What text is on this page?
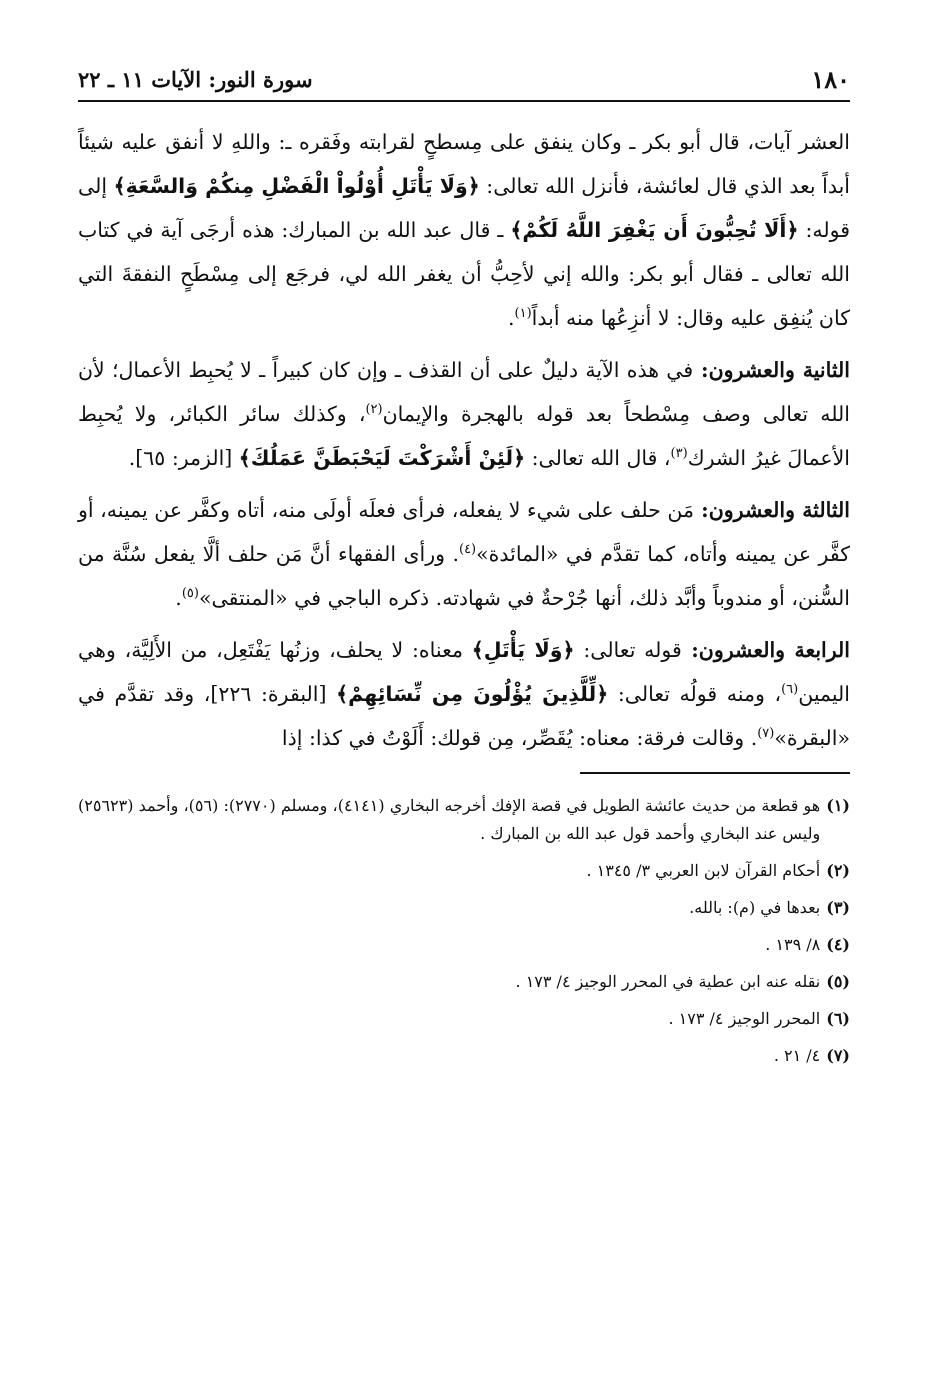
١٨٠
سورة النور: الآيات ١١ ـ ٢٢

العشر آيات، قال أبو بكر ـ وكان ينفق على مِسطحٍ لقرابته وفَقره ـ: واللهِ لا أنفق عليه شيئاً أبداً بعد الذي قال لعائشة، فأنزل الله تعالى: ﴿وَلَا يَأْتَلِ أُوْلُواْ الْفَضْلِ مِنكُمْ وَالسَّعَةِ﴾ إلى قوله: ﴿أَلَا تُحِبُّونَ أَن يَغْفِرَ اللَّهُ لَكُمْ﴾ ـ قال عبد الله بن المبارك: هذه أرجَى آية في كتاب الله تعالى ـ فقال أبو بكر: والله إني لأحِبُّ أن يغفر الله لي، فرجَع إلى مِسْطَحٍ النفقةَ التي كان يُنفِق عليه وقال: لا أنزِعُها منه أبداً$^{(١)}$.

الثانية والعشرون: في هذه الآية دليلٌ على أن القذف ـ وإن كان كبيراً ـ لا يُحبِط الأعمال؛ لأن الله تعالى وصف مِسْطحاً بعد قوله بالهجرة والإيمان$^{(٢)}$، وكذلك سائر الكبائر، ولا يُحبِط الأعمالَ غيرُ الشرك$^{(٣)}$، قال الله تعالى: ﴿لَئِنْ أَشْرَكْتَ لَيَحْبَطَنَّ عَمَلُكَ﴾ [الزمر: ٦٥].

الثالثة والعشرون: مَن حلف على شيء لا يفعله، فرأى فعلَه أولَى منه، أتاه وكفَّر عن يمينه، أو كفَّر عن يمينه وأتاه، كما تقدَّم في «المائدة»$^{(٤)}$. ورأى الفقهاء أنَّ مَن حلف ألَّا يفعل سُنَّة من السُّنن، أو مندوباً وأبَّد ذلك، أنها جُرْحةٌ في شهادته. ذكره الباجي في «المنتقى»$^{(٥)}$.

الرابعة والعشرون: قوله تعالى: ﴿وَلَا يَأْتَلِ﴾ معناه: لا يحلف، وزنُها يَفْتَعِل، من الأَلِيَّة، وهي اليمين$^{(٦)}$، ومنه قولُه تعالى: ﴿لِّلَّذِينَ يُؤْلُونَ مِن نِّسَائِهِمْ﴾ [البقرة: ٢٢٦]، وقد تقدَّم في «البقرة»$^{(٧)}$. وقالت فرقة: معناه: يُقَصِّر، مِن قولك: أَلَوْتُ في كذا: إذا

(١)
هو قطعة من حديث عائشة الطويل في قصة الإفك أخرجه البخاري (٤١٤١)، ومسلم (٢٧٧٠): (٥٦)، وأحمد (٢٥٦٢٣) وليس عند البخاري وأحمد قول عبد الله بن المبارك .
(٢)
أحكام القرآن لابن العربي ٣/ ١٣٤٥ .
(٣)
بعدها في (م): بالله.
(٤)
٨/ ١٣٩ .
(٥)
نقله عنه ابن عطية في المحرر الوجيز ٤/ ١٧٣ .
(٦)
المحرر الوجيز ٤/ ١٧٣ .
(٧)
٤/ ٢١ .
